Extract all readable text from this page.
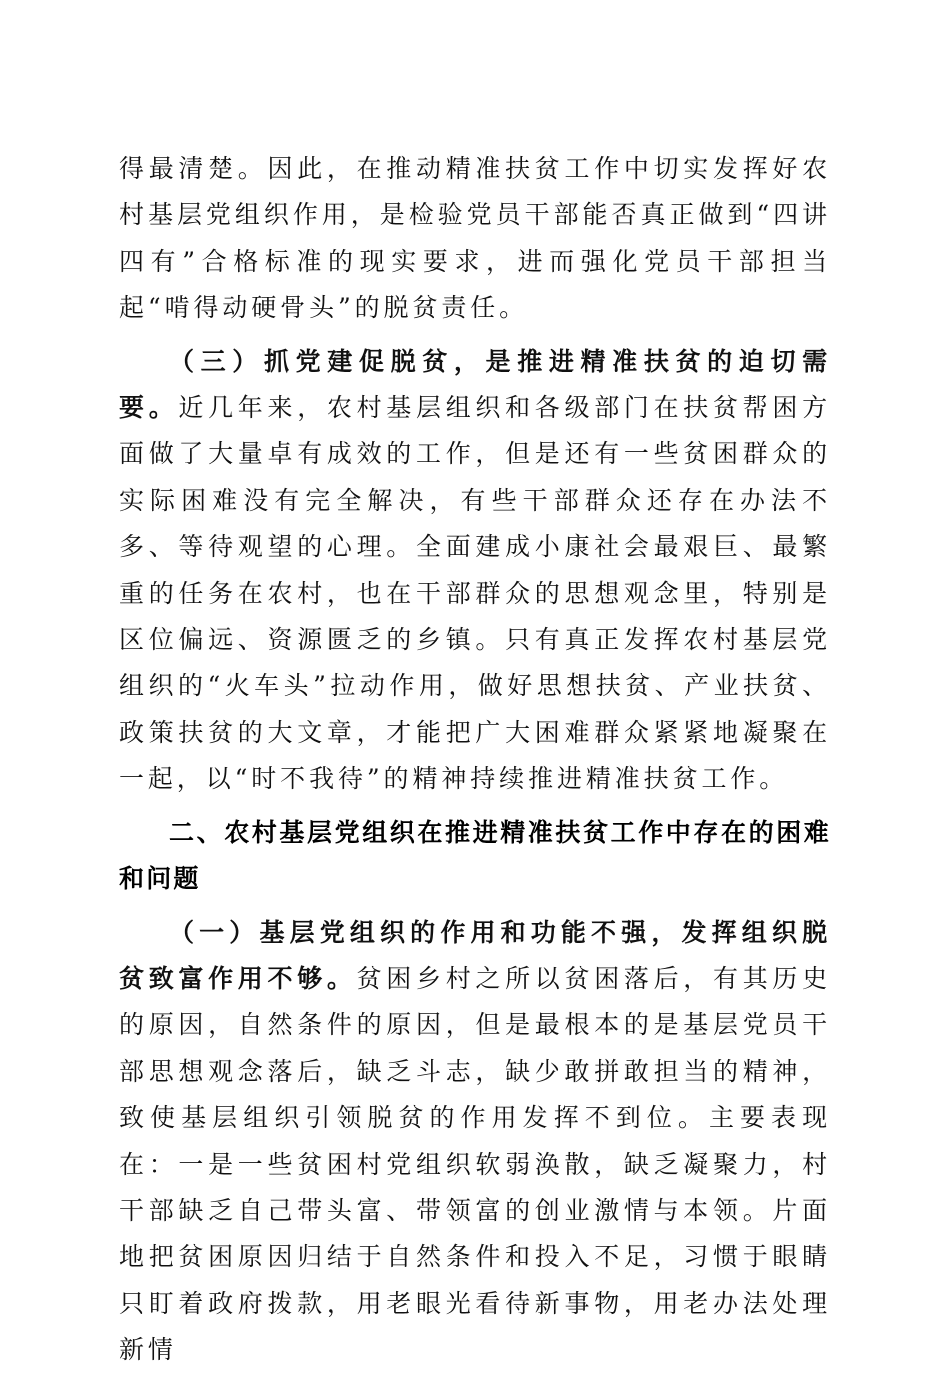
得最清楚。因此，在推动精准扶贫工作中切实发挥好农村基层党组织作用，是检验党员干部能否真正做到“四讲四有”合格标准的现实要求，进而强化党员干部担当起“啃得动硬骨头”的脱贫责任。

（三）抓党建促脱贫，是推进精准扶贫的迫切需要。近几年来，农村基层组织和各级部门在扶贫帮困方面做了大量卓有成效的工作，但是还有一些贫困群众的实际困难没有完全解决，有些干部群众还存在办法不多、等待观望的心理。全面建成小康社会最艰巨、最繁重的任务在农村，也在干部群众的思想观念里，特别是区位偏远、资源匮乏的乡镇。只有真正发挥农村基层党组织的“火车头”拉动作用，做好思想扶贫、产业扶贫、政策扶贫的大文章，才能把广大困难群众紧紧地凝聚在一起，以“时不我待”的精神持续推进精准扶贫工作。

二、农村基层党组织在推进精准扶贫工作中存在的困难和问题

（一）基层党组织的作用和功能不强，发挥组织脱贫致富作用不够。贫困乡村之所以贫困落后，有其历史的原因，自然条件的原因，但是最根本的是基层党员干部思想观念落后，缺乏斗志，缺少敢拼敢担当的精神，致使基层组织引领脱贫的作用发挥不到位。主要表现在：一是一些贫困村党组织软弱涣散，缺乏凝聚力，村干部缺乏自己带头富、带领富的创业激情与本领。片面地把贫困原因归结于自然条件和投入不足，习惯于眼睛只盯着政府拨款，用老眼光看待新事物，用老办法处理新情
